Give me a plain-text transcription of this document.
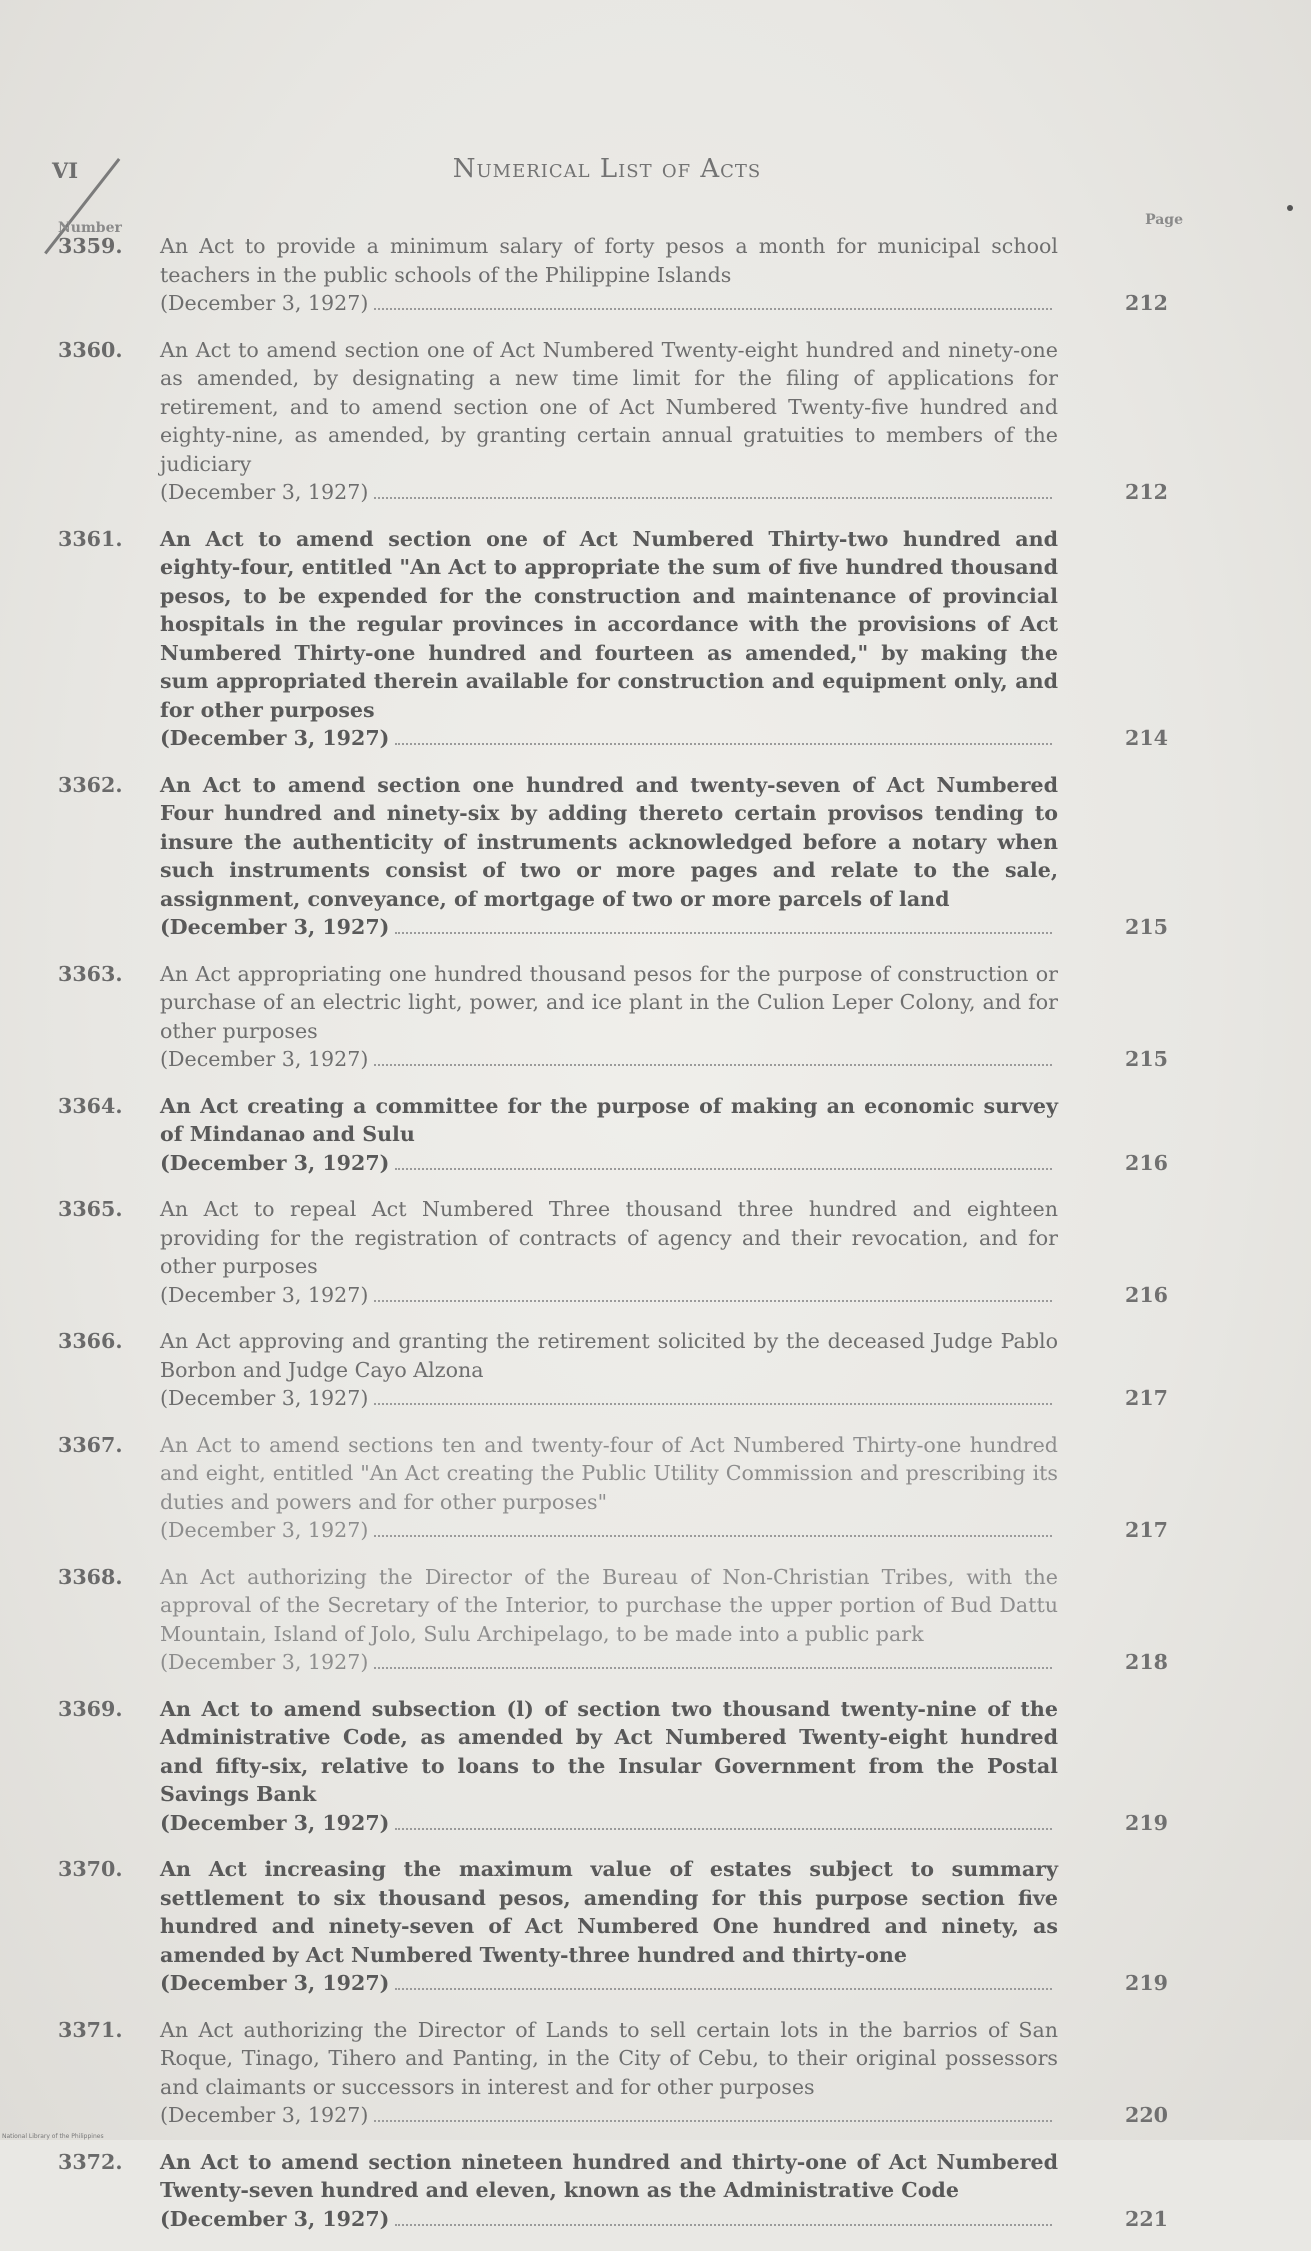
VI	Numerical List of Acts
Number	Page
3359. An Act to provide a minimum salary of forty pesos a month for municipal school teachers in the public schools of the Philippine Islands
(December 3, 1927)	212
3360. An Act to amend section one of Act Numbered Twenty-eight hundred and ninety-one as amended, by designating a new time limit for the filing of applications for retirement, and to amend section one of Act Numbered Twenty-five hundred and eighty-nine, as amended, by granting certain annual gratuities to members of the judiciary
(December 3, 1927)	212
3361. An Act to amend section one of Act Numbered Thirty-two hundred and eighty-four, entitled "An Act to appropriate the sum of five hundred thousand pesos, to be expended for the construction and maintenance of provincial hospitals in the regular provinces in accordance with the provisions of Act Numbered Thirty-one hundred and fourteen as amended," by making the sum appropriated therein available for construction and equipment only, and for other purposes
(December 3, 1927)	214
3362. An Act to amend section one hundred and twenty-seven of Act Numbered Four hundred and ninety-six by adding thereto certain provisos tending to insure the authenticity of instruments acknowledged before a notary when such instruments consist of two or more pages and relate to the sale, assignment, conveyance, of mortgage of two or more parcels of land
(December 3, 1927)	215
3363. An Act appropriating one hundred thousand pesos for the purpose of construction or purchase of an electric light, power, and ice plant in the Culion Leper Colony, and for other purposes
(December 3, 1927)	215
3364. An Act creating a committee for the purpose of making an economic survey of Mindanao and Sulu
(December 3, 1927)	216
3365. An Act to repeal Act Numbered Three thousand three hundred and eighteen providing for the registration of contracts of agency and their revocation, and for other purposes
(December 3, 1927)	216
3366. An Act approving and granting the retirement solicited by the deceased Judge Pablo Borbon and Judge Cayo Alzona
(December 3, 1927)	217
3367. An Act to amend sections ten and twenty-four of Act Numbered Thirty-one hundred and eight, entitled "An Act creating the Public Utility Commission and prescribing its duties and powers and for other purposes"
(December 3, 1927)	217
3368. An Act authorizing the Director of the Bureau of Non-Christian Tribes, with the approval of the Secretary of the Interior, to purchase the upper portion of Bud Dattu Mountain, Island of Jolo, Sulu Archipelago, to be made into a public park
(December 3, 1927)	218
3369. An Act to amend subsection (l) of section two thousand twenty-nine of the Administrative Code, as amended by Act Numbered Twenty-eight hundred and fifty-six, relative to loans to the Insular Government from the Postal Savings Bank
(December 3, 1927)	219
3370. An Act increasing the maximum value of estates subject to summary settlement to six thousand pesos, amending for this purpose section five hundred and ninety-seven of Act Numbered One hundred and ninety, as amended by Act Numbered Twenty-three hundred and thirty-one
(December 3, 1927)	219
3371. An Act authorizing the Director of Lands to sell certain lots in the barrios of San Roque, Tinago, Tihero and Panting, in the City of Cebu, to their original possessors and claimants or successors in interest and for other purposes
(December 3, 1927)	220
3372. An Act to amend section nineteen hundred and thirty-one of Act Numbered Twenty-seven hundred and eleven, known as the Administrative Code
(December 3, 1927)	221
National Library of the Philippines
